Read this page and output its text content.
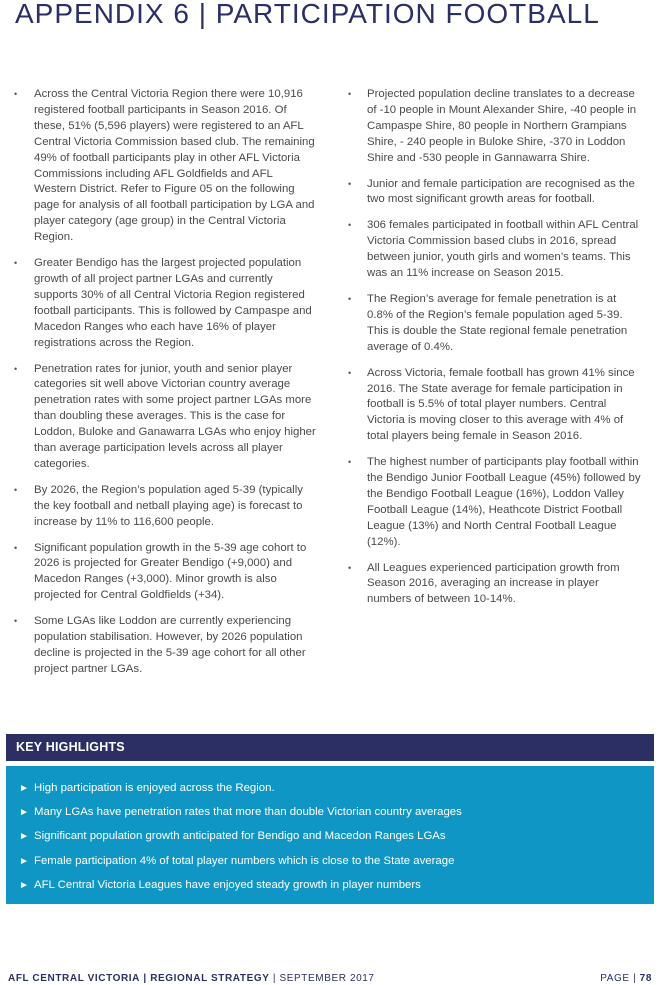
APPENDIX 6 | PARTICIPATION FOOTBALL
• Across the Central Victoria Region there were 10,916 registered football participants in Season 2016. Of these, 51% (5,596 players) were registered to an AFL Central Victoria Commission based club. The remaining 49% of football participants play in other AFL Victoria Commissions including AFL Goldfields and AFL Western District. Refer to Figure 05 on the following page for analysis of all football participation by LGA and player category (age group) in the Central Victoria Region.
• Greater Bendigo has the largest projected population growth of all project partner LGAs and currently supports 30% of all Central Victoria Region registered football participants. This is followed by Campaspe and Macedon Ranges who each have 16% of player registrations across the Region.
• Penetration rates for junior, youth and senior player categories sit well above Victorian country average penetration rates with some project partner LGAs more than doubling these averages. This is the case for Loddon, Buloke and Ganawarra LGAs who enjoy higher than average participation levels across all player categories.
• By 2026, the Region’s population aged 5-39 (typically the key football and netball playing age) is forecast to increase by 11% to 116,600 people.
• Significant population growth in the 5-39 age cohort to 2026 is projected for Greater Bendigo (+9,000) and Macedon Ranges (+3,000). Minor growth is also projected for Central Goldfields (+34).
• Some LGAs like Loddon are currently experiencing population stabilisation. However, by 2026 population decline is projected in the 5-39 age cohort for all other project partner LGAs.
• Projected population decline translates to a decrease of -10 people in Mount Alexander Shire, -40 people in Campaspe Shire, 80 people in Northern Grampians Shire, - 240 people in Buloke Shire, -370 in Loddon Shire and -530 people in Gannawarra Shire.
• Junior and female participation are recognised as the two most significant growth areas for football.
• 306 females participated in football within AFL Central Victoria Commission based clubs in 2016, spread between junior, youth girls and women’s teams. This was an 11% increase on Season 2015.
• The Region’s average for female penetration is at 0.8% of the Region’s female population aged 5-39. This is double the State regional female penetration average of 0.4%.
• Across Victoria, female football has grown 41% since 2016. The State average for female participation in football is 5.5% of total player numbers. Central Victoria is moving closer to this average with 4% of total players being female in Season 2016.
• The highest number of participants play football within the Bendigo Junior Football League (45%) followed by the Bendigo Football League (16%), Loddon Valley Football League (14%), Heathcote District Football League (13%) and North Central Football League (12%).
• All Leagues experienced participation growth from Season 2016, averaging an increase in player numbers of between 10-14%.
KEY HIGHLIGHTS
► High participation is enjoyed across the Region.
► Many LGAs have penetration rates that more than double Victorian country averages
► Significant population growth anticipated for Bendigo and Macedon Ranges LGAs
► Female participation 4% of total player numbers which is close to the State average
► AFL Central Victoria Leagues have enjoyed steady growth in player numbers
AFL CENTRAL VICTORIA | REGIONAL STRATEGY | SEPTEMBER 2017	PAGE | 78
